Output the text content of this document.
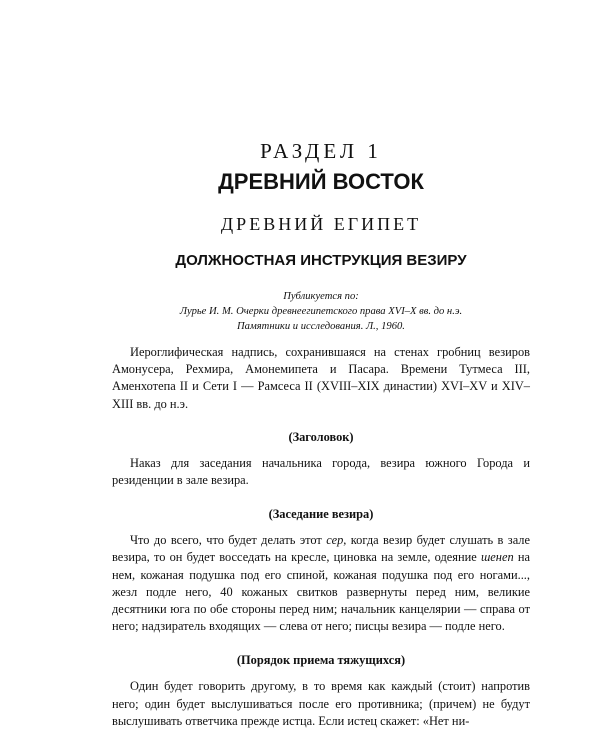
РАЗДЕЛ 1

ДРЕВНИЙ ВОСТОК

ДРЕВНИЙ ЕГИПЕТ

ДОЛЖНОСТНАЯ ИНСТРУКЦИЯ ВЕЗИРУ

Публикуется по:
Лурье И. М. Очерки древнеегипетского права XVI–X вв. до н.э.
Памятники и исследования. Л., 1960.

Иероглифическая надпись, сохранившаяся на стенах гробниц везиров Амонусера, Рехмира, Амонемипета и Пасара. Времени Тутмеса III, Аменхотепа II и Сети I — Рамсеса II (XVIII–XIX династии) XVI–XV и XIV–XIII вв. до н.э.

(Заголовок)

Наказ для заседания начальника города, везира южного Города и резиденции в зале везира.

(Заседание везира)

Что до всего, что будет делать этот сер, когда везир будет слушать в зале везира, то он будет восседать на кресле, циновка на земле, одеяние шенеп на нем, кожаная подушка под его спиной, кожаная подушка под его ногами..., жезл подле него, 40 кожаных свитков развернуты перед ним, великие десятники юга по обе стороны перед ним; начальник канцелярии — справа от него; надзиратель входящих — слева от него; писцы везира — подле него.

(Порядок приема тяжущихся)

Один будет говорить другому, в то время как каждый (стоит) напротив него; один будет выслушиваться после его противника; (причем) не будут выслушивать ответчика прежде истца. Если истец скажет: «Нет ни-
